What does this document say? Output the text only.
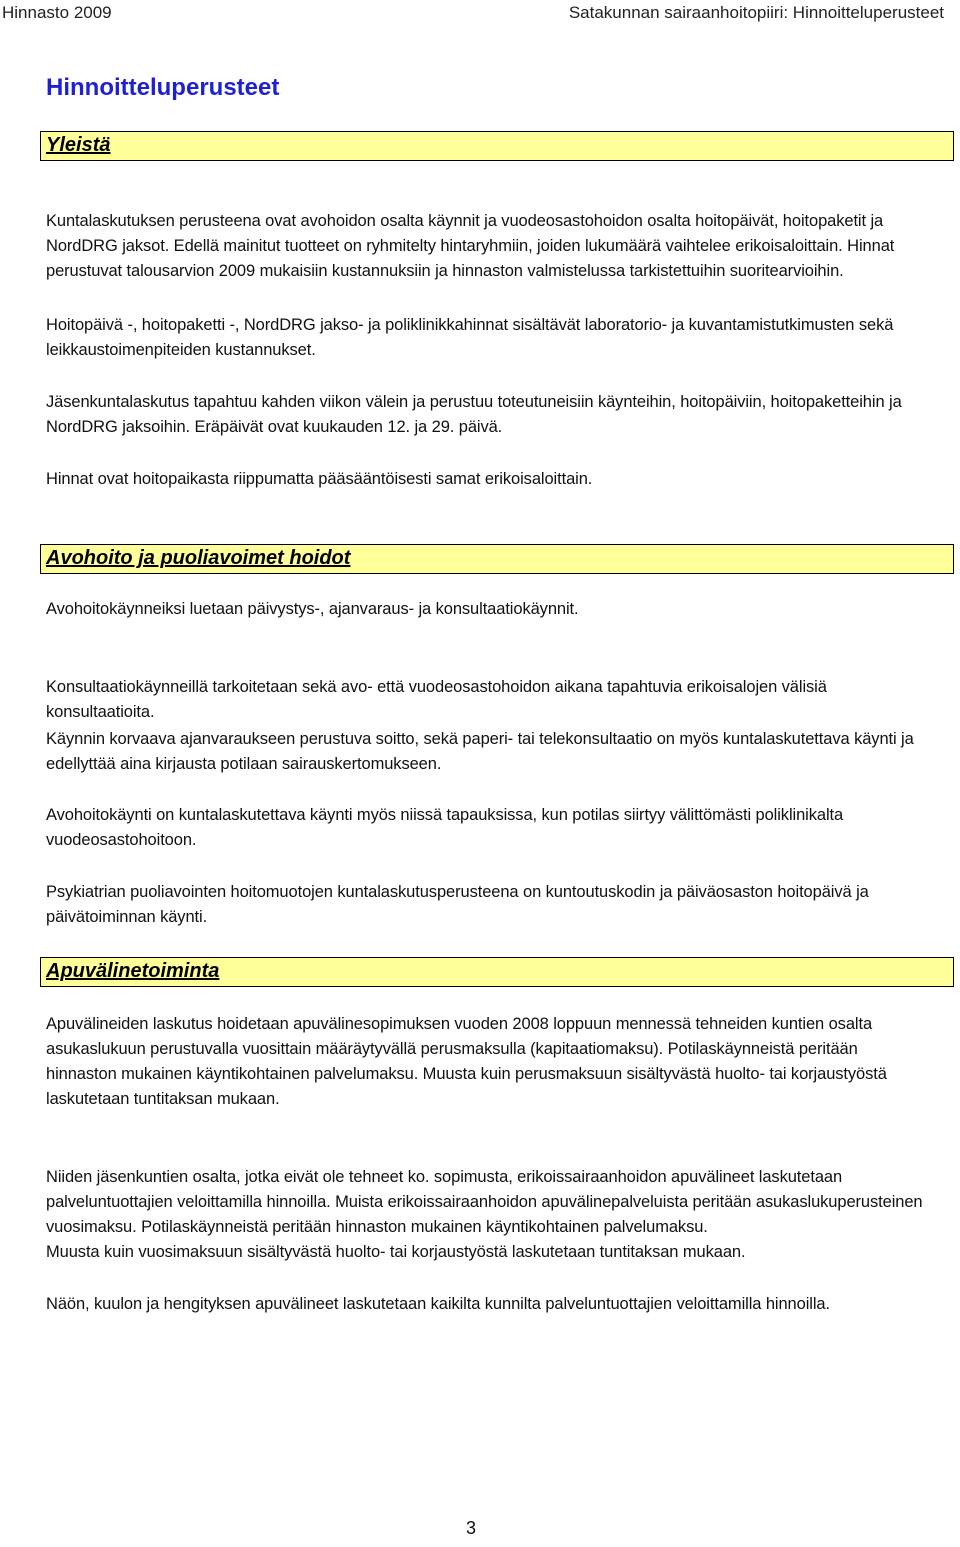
Hinnasto 2009	Satakunnan sairaanhoitopiiri: Hinnoitteluperusteet
Hinnoitteluperusteet
Yleistä

Kuntalaskutuksen perusteena ovat avohoidon osalta käynnit ja vuodeosastohoidon osalta hoitopäivät, hoitopaketit ja NordDRG jaksot. Edellä mainitut tuotteet on ryhmitelty hintaryhmiin, joiden lukumäärä vaihtelee erikoisaloittain. Hinnat perustuvat talousarvion 2009 mukaisiin kustannuksiin ja hinnaston valmistelussa tarkistettuihin suoritearvioihin.

Hoitopäivä -, hoitopaketti -, NordDRG jakso- ja poliklinikkahinnat sisältävät laboratorio- ja kuvantamistutkimusten sekä leikkaustoimenpiteiden kustannukset.

Jäsenkuntalaskutus tapahtuu kahden viikon välein ja perustuu toteutuneisiin käynteihin, hoitopäiviin, hoitopaketteihin ja NordDRG jaksoihin. Eräpäivät ovat kuukauden 12. ja 29. päivä.

Hinnat ovat hoitopaikasta riippumatta pääsääntöisesti samat erikoisaloittain.

Avohoito ja puoliavoimet hoidot

Avohoitokäynneiksi luetaan päivystys-, ajanvaraus- ja konsultaatiokäynnit.

Konsultaatiokäynneillä tarkoitetaan sekä avo- että vuodeosastohoidon aikana tapahtuvia erikoisalojen välisiä konsultaatioita.

Käynnin korvaava ajanvaraukseen perustuva soitto, sekä paperi- tai telekonsultaatio on myös kuntalaskutettava käynti ja edellyttää aina kirjausta potilaan sairauskertomukseen.

Avohoitokäynti on kuntalaskutettava käynti myös niissä tapauksissa, kun potilas siirtyy välittömästi poliklinikalta vuodeosastohoitoon.

Psykiatrian puoliavointen hoitomuotojen kuntalaskutusperusteena on kuntoutuskodin ja päiväosaston hoitopäivä ja päivätoiminnan käynti.

Apuvälinetoiminta

Apuvälineiden laskutus hoidetaan apuvälinesopimuksen vuoden 2008 loppuun mennessä tehneiden kuntien osalta asukaslukuun perustuvalla vuosittain määräytyvällä perusmaksulla (kapitaatiomaksu). Potilaskäynneistä peritään hinnaston mukainen käyntikohtainen palvelumaksu. Muusta kuin perusmaksuun sisältyvästä huolto- tai korjaustyöstä laskutetaan tuntitaksan mukaan.

Niiden jäsenkuntien osalta, jotka eivät ole tehneet ko. sopimusta, erikoissairaanhoidon apuvälineet laskutetaan palveluntuottajien veloittamilla hinnoilla. Muista erikoissairaanhoidon apuvälinepalveluista peritään asukaslukuperusteinen vuosimaksu. Potilaskäynneistä peritään hinnaston mukainen käyntikohtainen palvelumaksu.

Muusta kuin vuosimaksuun sisältyvästä huolto- tai korjaustyöstä laskutetaan tuntitaksan mukaan.

Näön, kuulon ja hengityksen apuvälineet laskutetaan kaikilta kunnilta palveluntuottajien veloittamilla hinnoilla.

3
